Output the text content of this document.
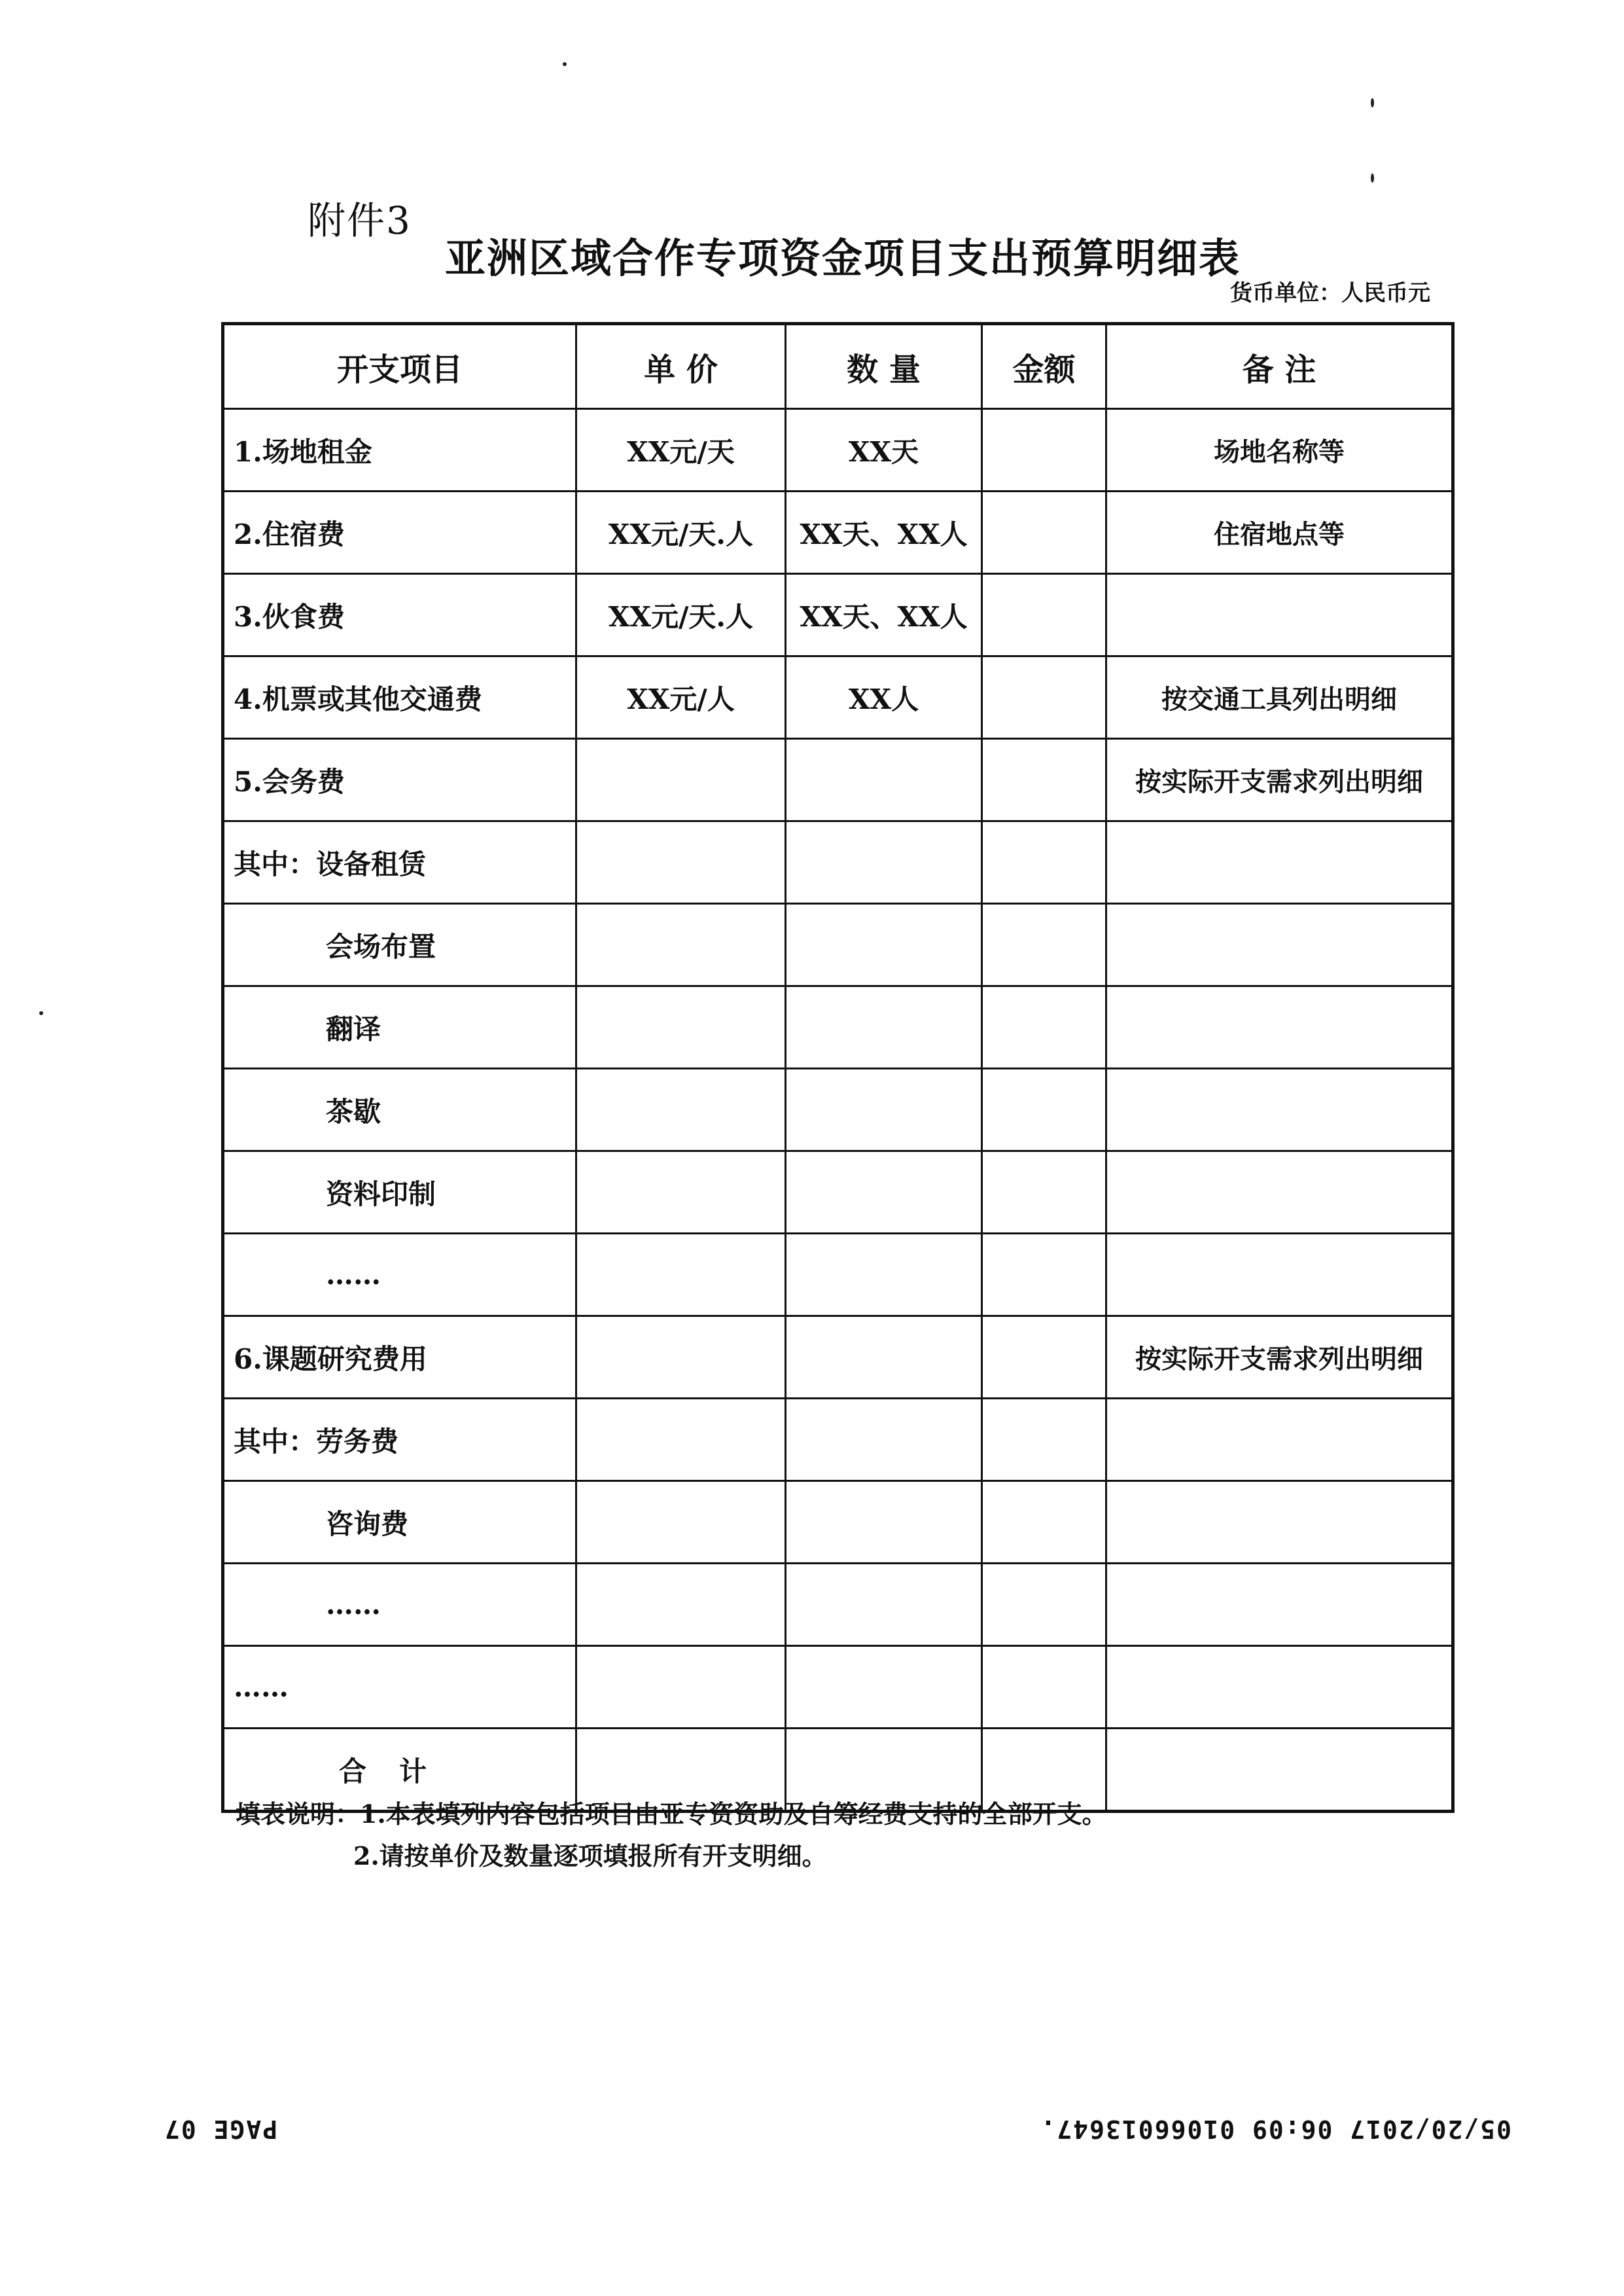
附件3
亚洲区域合作专项资金项目支出预算明细表
货币单位：人民币元
开支项目	单 价	数 量	金额	备 注
1.场地租金	XX元/天	XX天		场地名称等
2.住宿费	XX元/天.人	XX天、XX人		住宿地点等
3.伙食费	XX元/天.人	XX天、XX人		
4.机票或其他交通费	XX元/人	XX人		按交通工具列出明细
5.会务费				按实际开支需求列出明细
其中：设备租赁				
会场布置				
翻译				
茶歇				
资料印制				
……				
6.课题研究费用				按实际开支需求列出明细
其中：劳务费				
咨询费				
……				
……				
合计				
填表说明：1.本表填列内容包括项目由亚专资资助及自筹经费支持的全部开支。
2.请按单价及数量逐项填报所有开支明细。
05/20/2017 06:09 01066013647.
PAGE 07
